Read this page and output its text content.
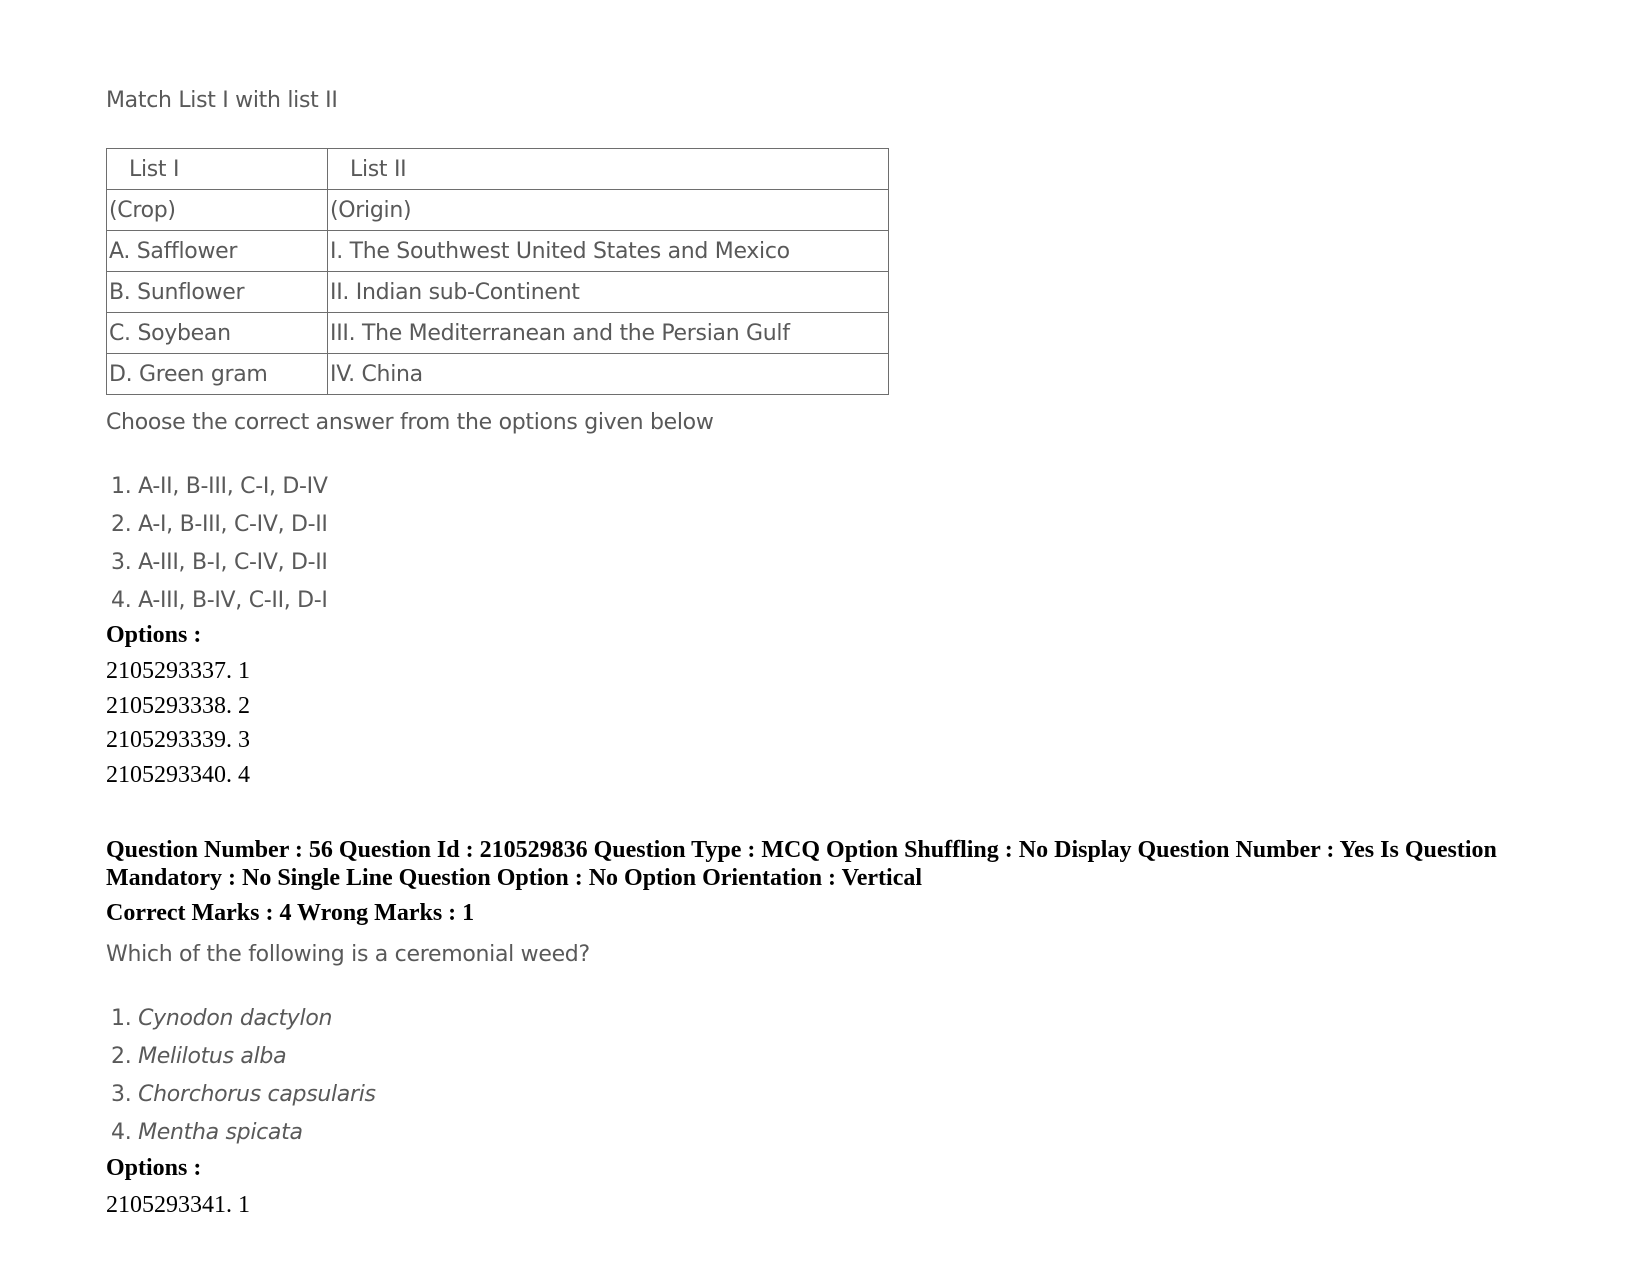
Match List I with list II
List I	List II
(Crop)	(Origin)
A. Safflower	I. The Southwest United States and Mexico
B. Sunflower	II. Indian sub-Continent
C. Soybean	III. The Mediterranean and the Persian Gulf
D. Green gram	IV. China
Choose the correct answer from the options given below
1. A-II, B-III, C-I, D-IV
2. A-I, B-III, C-IV, D-II
3. A-III, B-I, C-IV, D-II
4. A-III, B-IV, C-II, D-I
Options :
2105293337. 1
2105293338. 2
2105293339. 3
2105293340. 4
Question Number : 56 Question Id : 210529836 Question Type : MCQ Option Shuffling : No Display Question Number : Yes Is Question Mandatory : No Single Line Question Option : No Option Orientation : Vertical
Correct Marks : 4 Wrong Marks : 1
Which of the following is a ceremonial weed?
1. Cynodon dactylon
2. Melilotus alba
3. Chorchorus capsularis
4. Mentha spicata
Options :
2105293341. 1
